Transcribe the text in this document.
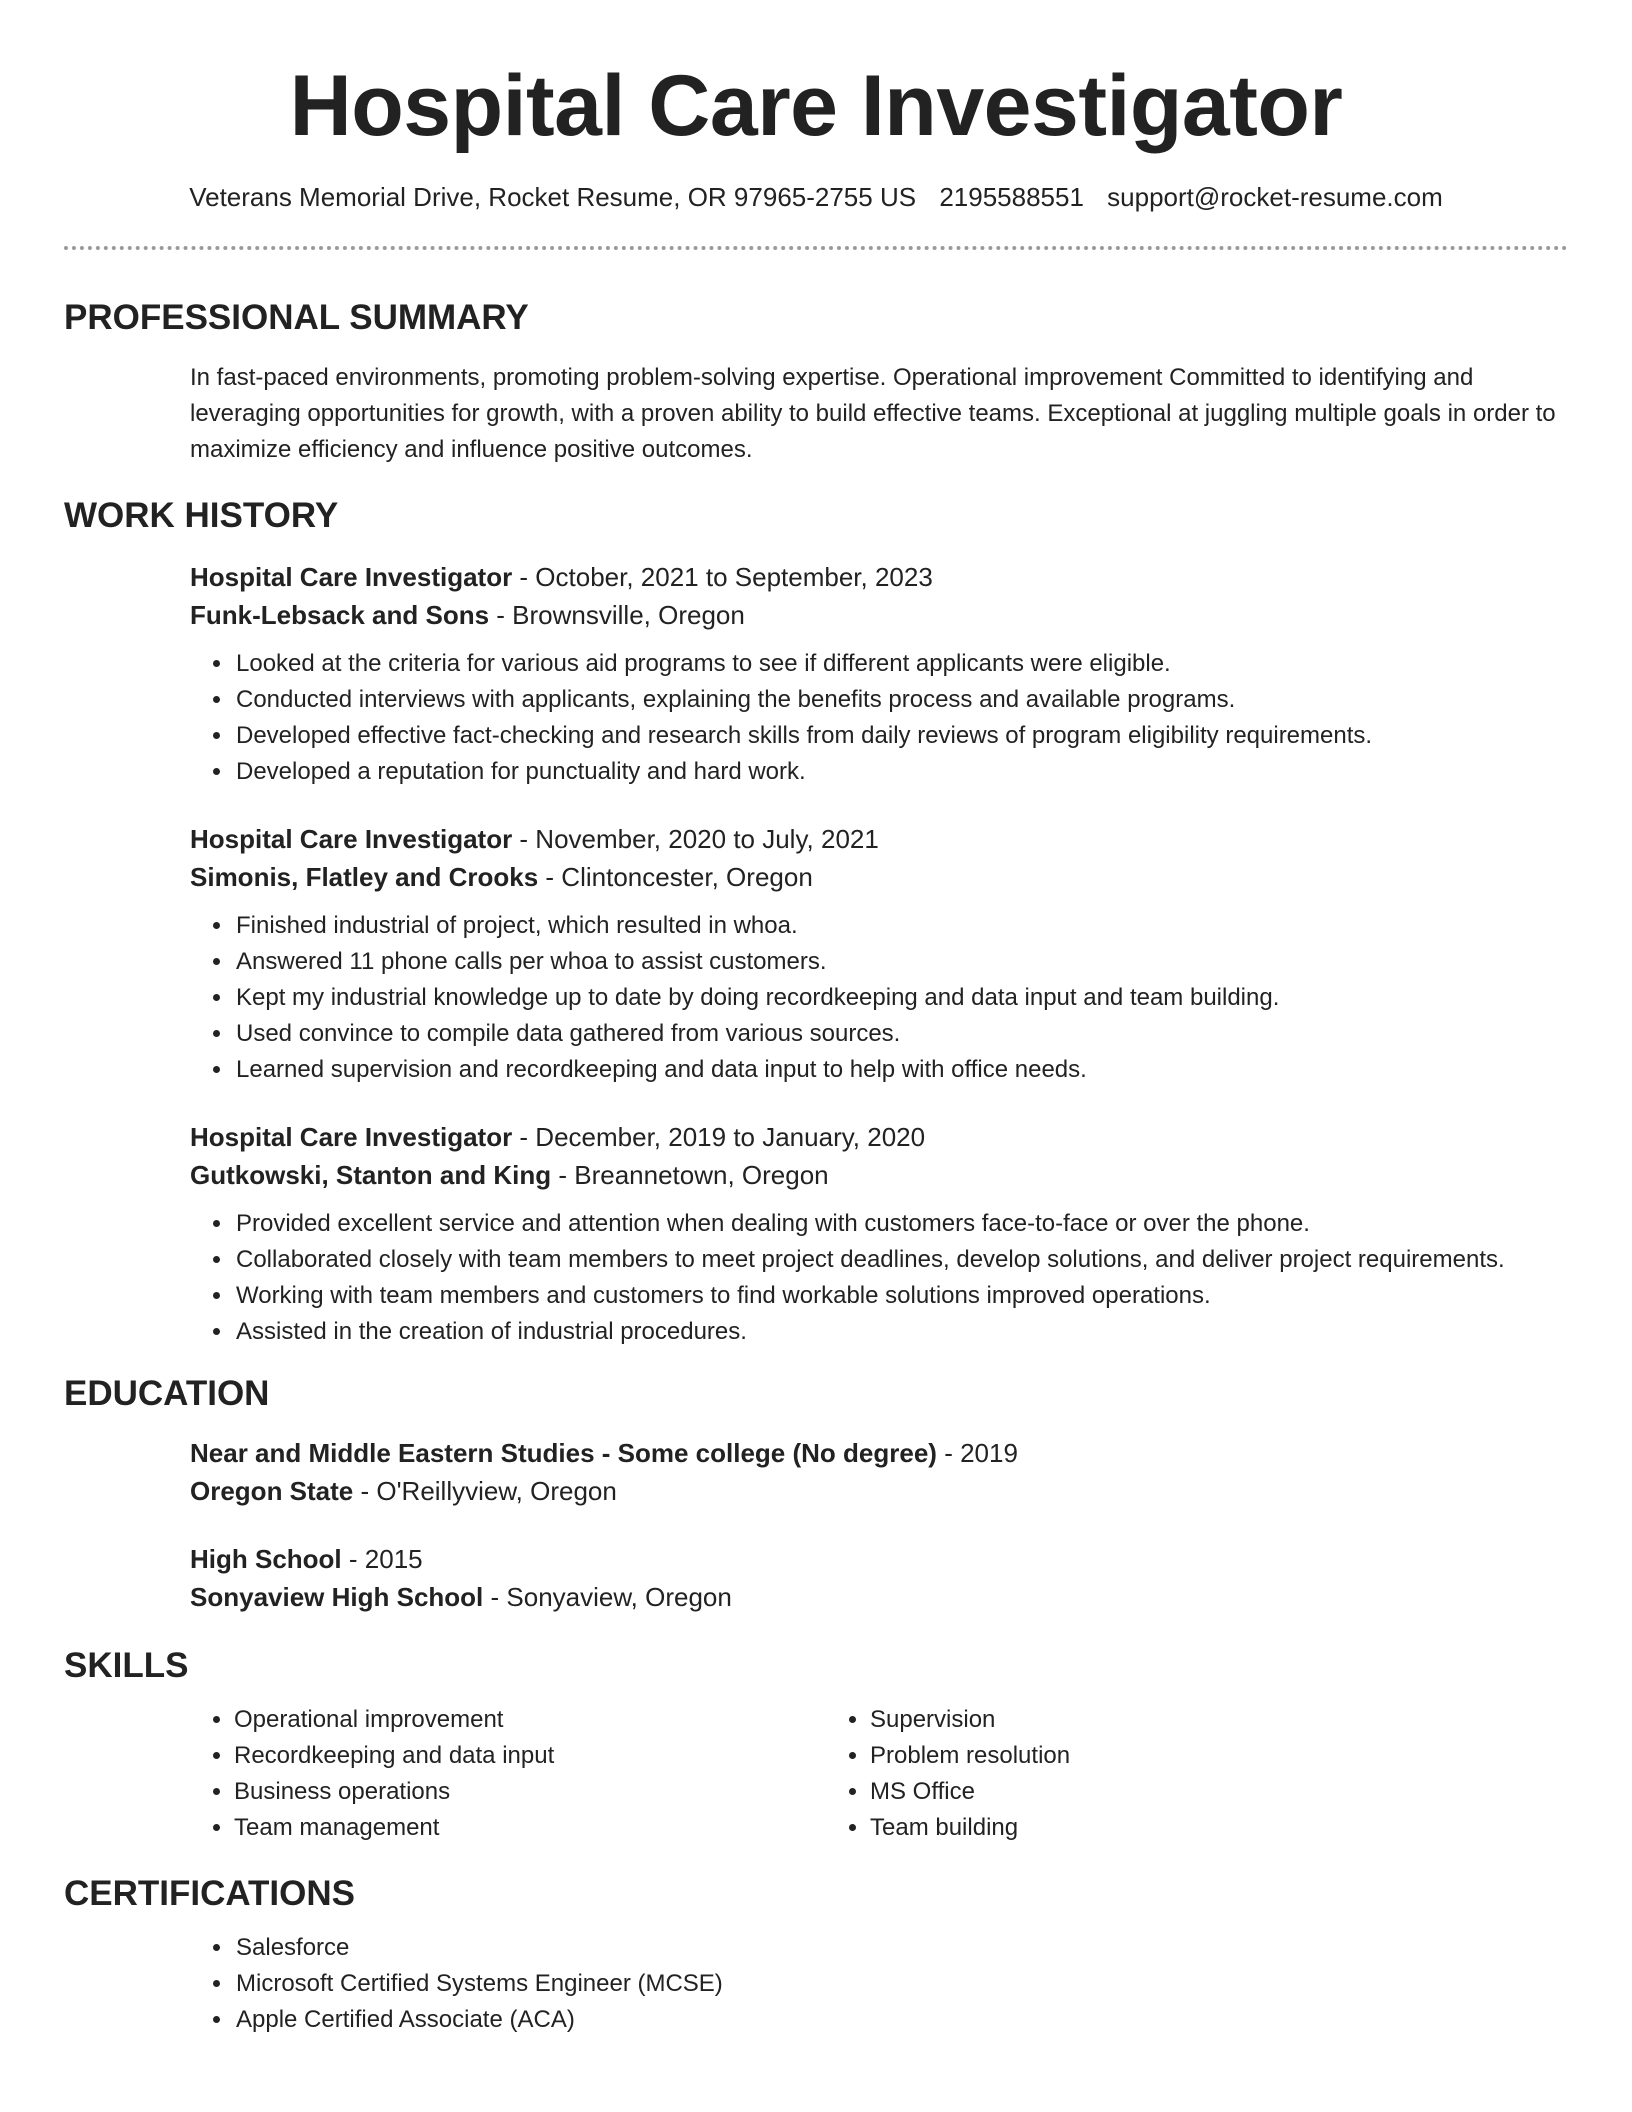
Hospital Care Investigator
Veterans Memorial Drive, Rocket Resume, OR 97965-2755 US 2195588551 support@rocket-resume.com
PROFESSIONAL SUMMARY
In fast-paced environments, promoting problem-solving expertise. Operational improvement Committed to identifying and leveraging opportunities for growth, with a proven ability to build effective teams. Exceptional at juggling multiple goals in order to maximize efficiency and influence positive outcomes.
WORK HISTORY
Hospital Care Investigator - October, 2021 to September, 2023
Funk-Lebsack and Sons - Brownsville, Oregon
• Looked at the criteria for various aid programs to see if different applicants were eligible.
• Conducted interviews with applicants, explaining the benefits process and available programs.
• Developed effective fact-checking and research skills from daily reviews of program eligibility requirements.
• Developed a reputation for punctuality and hard work.
Hospital Care Investigator - November, 2020 to July, 2021
Simonis, Flatley and Crooks - Clintoncester, Oregon
• Finished industrial of project, which resulted in whoa.
• Answered 11 phone calls per whoa to assist customers.
• Kept my industrial knowledge up to date by doing recordkeeping and data input and team building.
• Used convince to compile data gathered from various sources.
• Learned supervision and recordkeeping and data input to help with office needs.
Hospital Care Investigator - December, 2019 to January, 2020
Gutkowski, Stanton and King - Breannetown, Oregon
• Provided excellent service and attention when dealing with customers face-to-face or over the phone.
• Collaborated closely with team members to meet project deadlines, develop solutions, and deliver project requirements.
• Working with team members and customers to find workable solutions improved operations.
• Assisted in the creation of industrial procedures.
EDUCATION
Near and Middle Eastern Studies - Some college (No degree) - 2019
Oregon State - O'Reillyview, Oregon
High School - 2015
Sonyaview High School - Sonyaview, Oregon
SKILLS
• Operational improvement
• Recordkeeping and data input
• Business operations
• Team management
• Supervision
• Problem resolution
• MS Office
• Team building
CERTIFICATIONS
• Salesforce
• Microsoft Certified Systems Engineer (MCSE)
• Apple Certified Associate (ACA)
